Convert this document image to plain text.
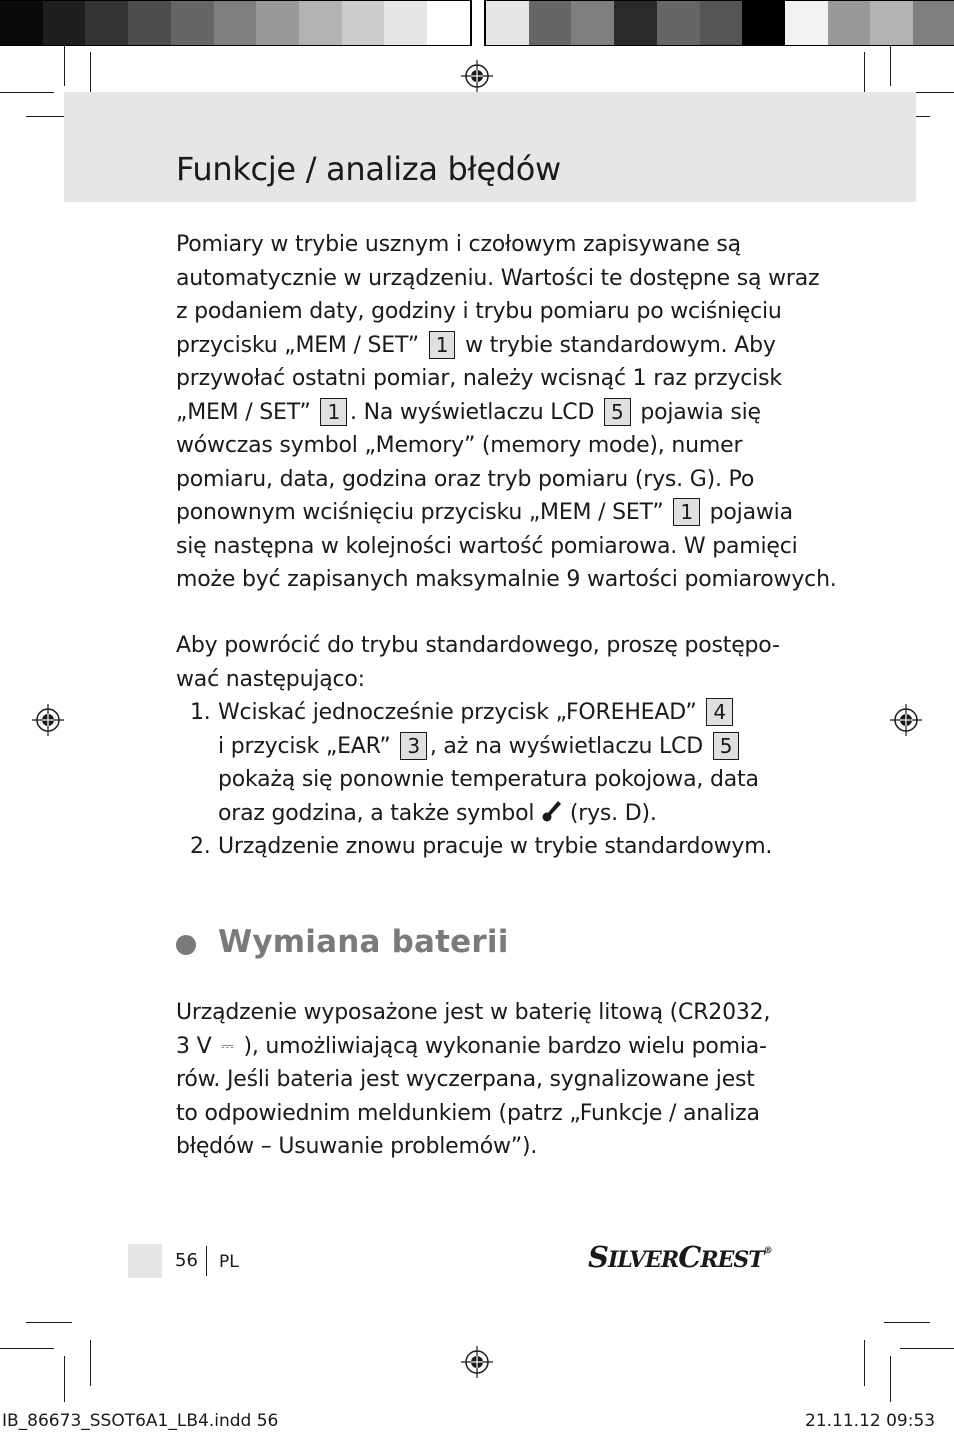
Funkcje / analiza błędów
Pomiary w trybie usznym i czołowym zapisywane są
automatycznie w urządzeniu. Wartości te dostępne są wraz
z podaniem daty, godziny i trybu pomiaru po wciśnięciu
przycisku „MEM / SET” 1 w trybie standardowym. Aby
przywołać ostatni pomiar, należy wcisnąć 1 raz przycisk
„MEM / SET” 1 . Na wyświetlaczu LCD 5 pojawia się
wówczas symbol „Memory” (memory mode), numer
pomiaru, data, godzina oraz tryb pomiaru (rys. G). Po
ponownym wciśnięciu przycisku „MEM / SET” 1 pojawia
się następna w kolejności wartość pomiarowa. W pamięci
może być zapisanych maksymalnie 9 wartości pomiarowych.
Aby powrócić do trybu standardowego, proszę postępo-
wać następująco:
1. Wciskać jednocześnie przycisk „FOREHEAD” 4
i przycisk „EAR” 3 , aż na wyświetlaczu LCD 5
pokażą się ponownie temperatura pokojowa, data
oraz godzina, a także symbol (rys. D).
2. Urządzenie znowu pracuje w trybie standardowym.
Wymiana baterii
Urządzenie wyposażone jest w baterię litową (CR2032,
3 V ⎓ ), umożliwiającą wykonanie bardzo wielu pomia-
rów. Jeśli bateria jest wyczerpana, sygnalizowane jest
to odpowiednim meldunkiem (patrz „Funkcje / analiza
błędów – Usuwanie problemów”).
56 PL	SILVERCREST®
IB_86673_SSOT6A1_LB4.indd 56	21.11.12 09:53
